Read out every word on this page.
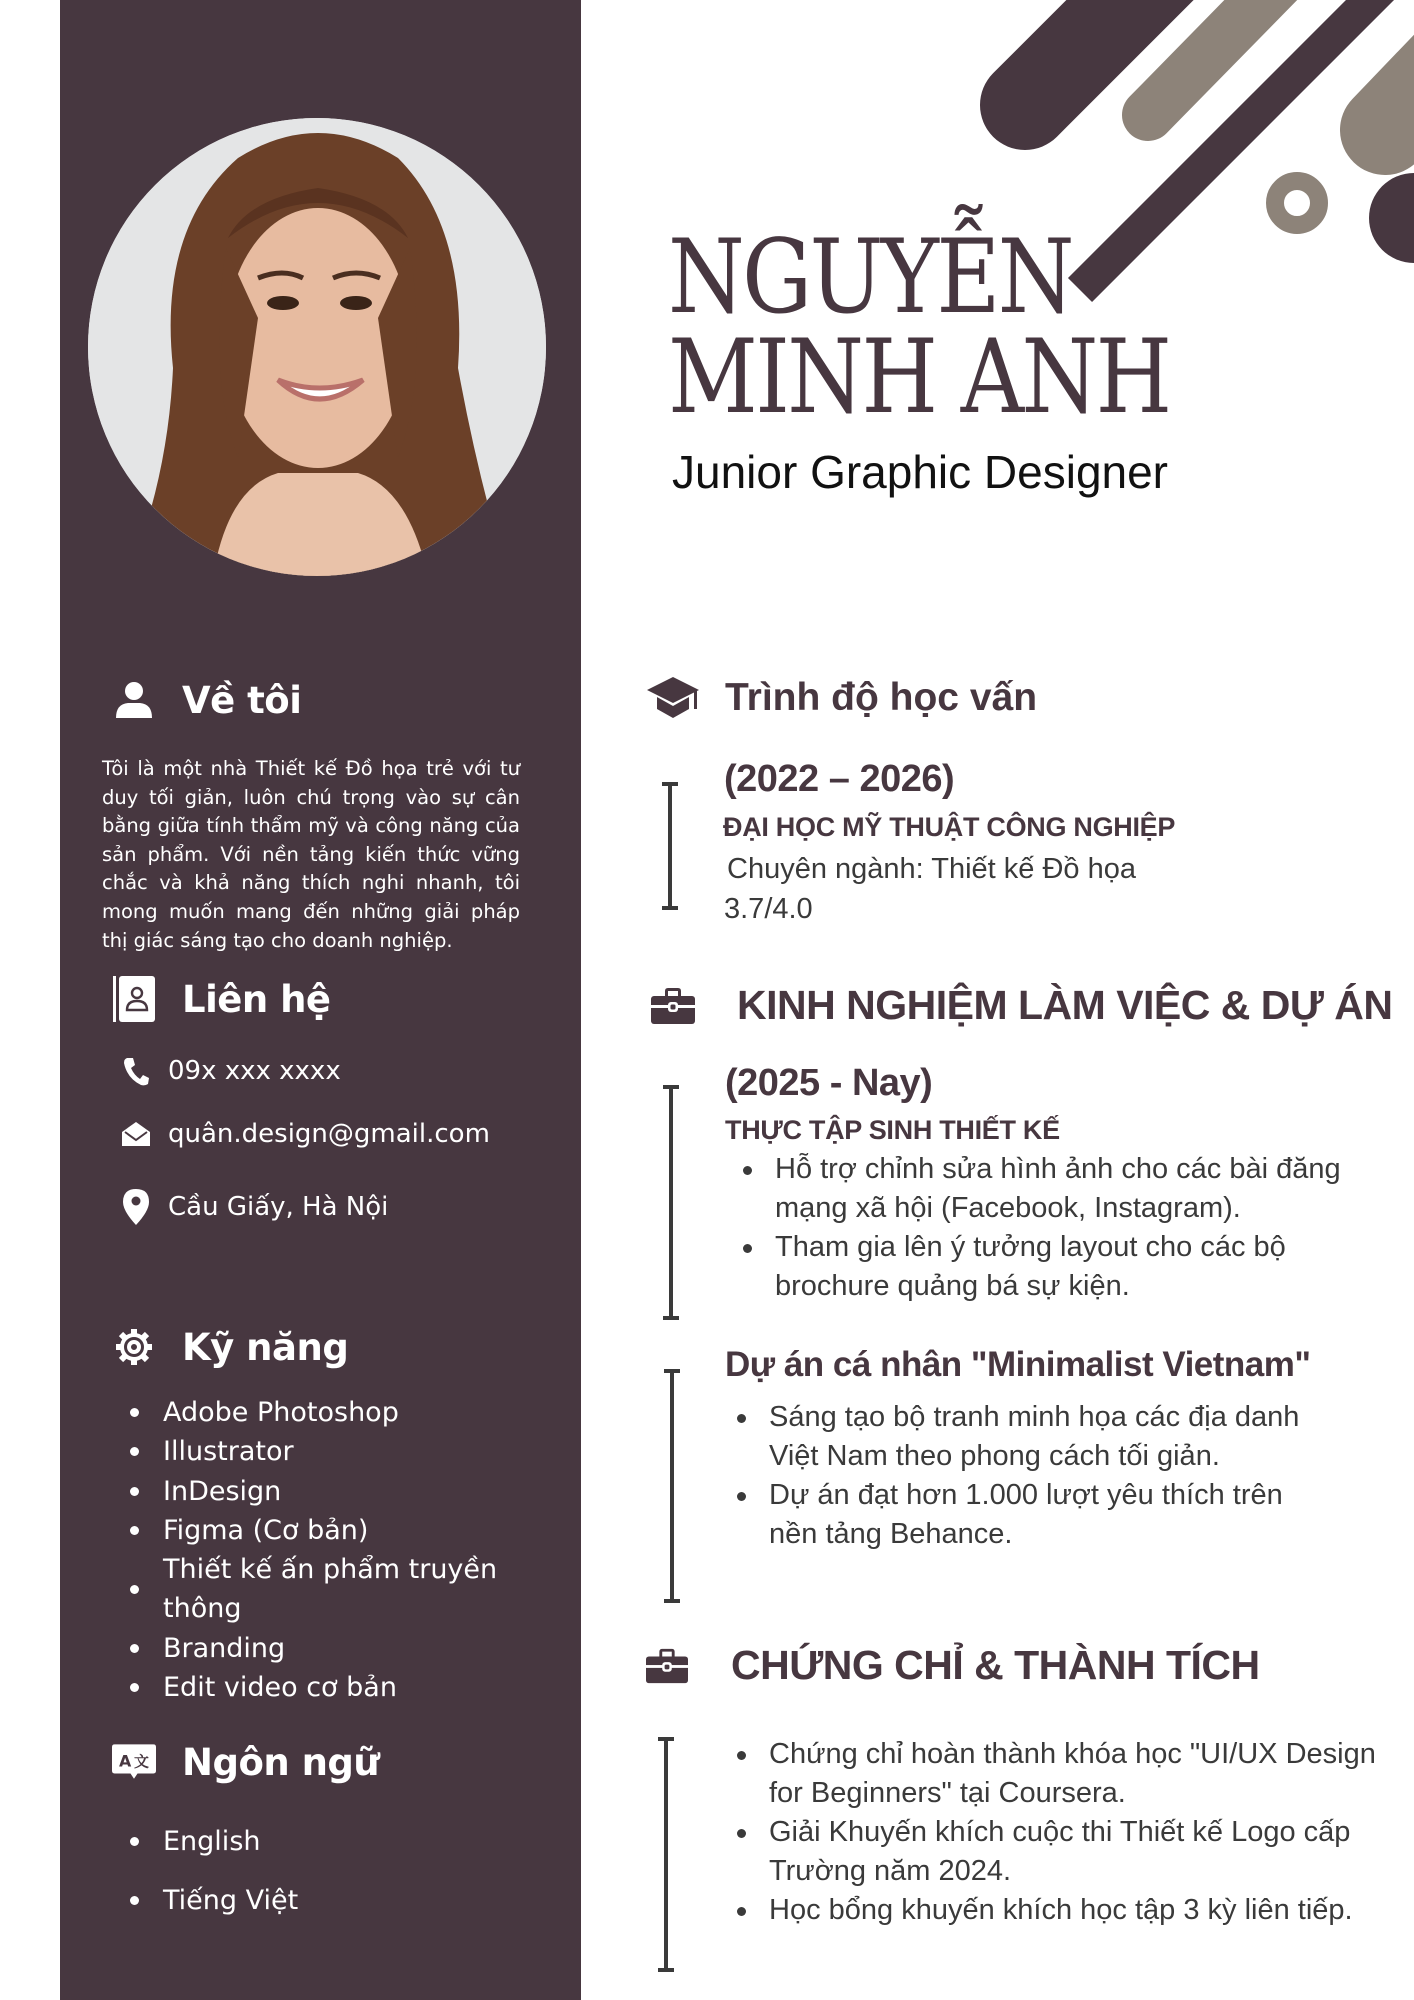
Về tôi

Tôi là một nhà Thiết kế Đồ họa trẻ với tư duy tối giản, luôn chú trọng vào sự cân bằng giữa tính thẩm mỹ và công năng của sản phẩm. Với nền tảng kiến thức vững chắc và khả năng thích nghi nhanh, tôi mong muốn mang đến những giải pháp thị giác sáng tạo cho doanh nghiệp.

Liên hệ
09x xxx xxxx
quân.design@gmail.com
Cầu Giấy, Hà Nội
Kỹ năng
Adobe Photoshop
Illustrator
InDesign
Figma (Cơ bản)
Thiết kế ấn phẩm truyền thông
Branding
Edit video cơ bản
A 文 Ngôn ngữ
English
Tiếng Việt
NGUYỄN
MINH ANH
Junior Graphic Designer
Trình độ học vấn
(2022 – 2026)
ĐẠI HỌC MỸ THUẬT CÔNG NGHIỆP
Chuyên ngành: Thiết kế Đồ họa
3.7/4.0
KINH NGHIỆM LÀM VIỆC & DỰ ÁN
(2025 - Nay)
THỰC TẬP SINH THIẾT KẾ
Hỗ trợ chỉnh sửa hình ảnh cho các bài đăng mạng xã hội (Facebook, Instagram).
Tham gia lên ý tưởng layout cho các bộ brochure quảng bá sự kiện.
Dự án cá nhân "Minimalist Vietnam"
Sáng tạo bộ tranh minh họa các địa danh Việt Nam theo phong cách tối giản.
Dự án đạt hơn 1.000 lượt yêu thích trên nền tảng Behance.
CHỨNG CHỈ & THÀNH TÍCH
Chứng chỉ hoàn thành khóa học "UI/UX Design for Beginners" tại Coursera.
Giải Khuyến khích cuộc thi Thiết kế Logo cấp Trường năm 2024.
Học bổng khuyến khích học tập 3 kỳ liên tiếp.
